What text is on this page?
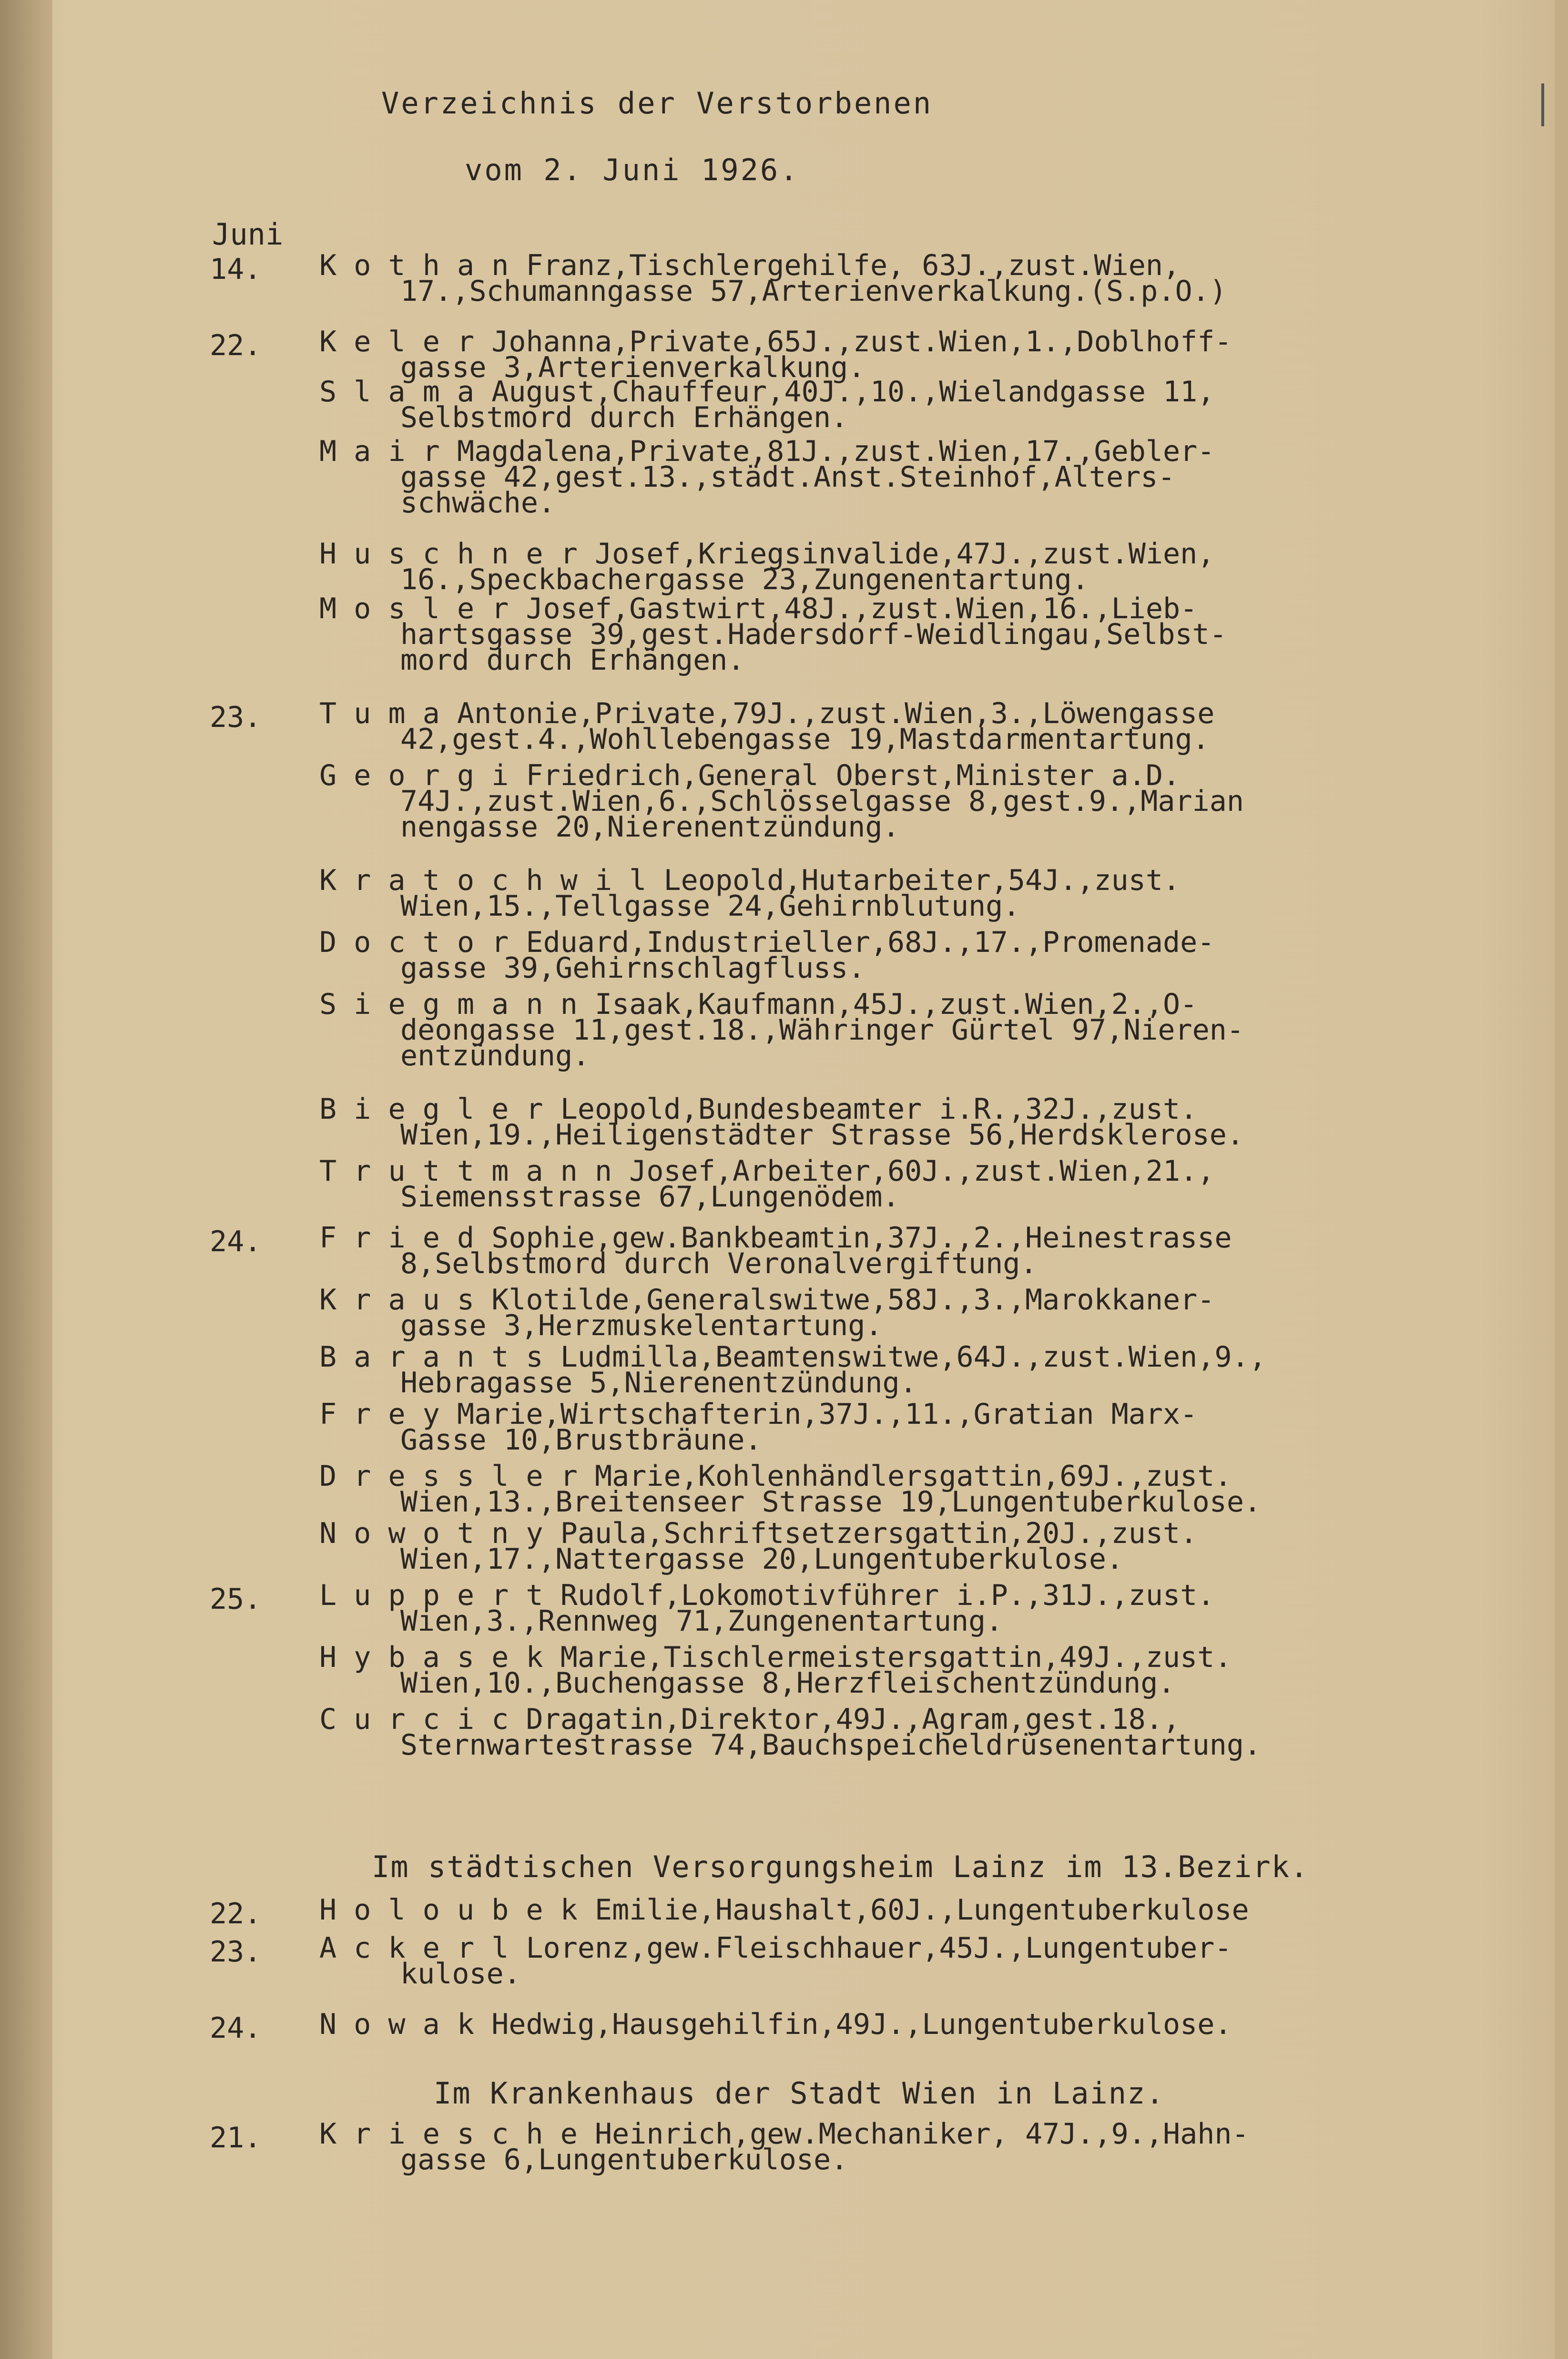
Verzeichnis der Verstorbenen
vom 2. Juni 1926.
Juni
14. K o t h a n Franz,Tischlergehilfe, 63J.,zust.Wien,
17.,Schumanngasse 57,Arterienverkalkung.(S.p.O.)
22. K e l e r Johanna,Private,65J.,zust.Wien,1.,Doblhoff-
gasse 3,Arterienverkalkung.
S l a m a August,Chauffeur,40J.,10.,Wielandgasse 11,
Selbstmord durch Erhängen.
M a i r Magdalena,Private,81J.,zust.Wien,17.,Gebler-
gasse 42,gest.13.,städt.Anst.Steinhof,Alters-
schwäche.
H u s c h n e r Josef,Kriegsinvalide,47J.,zust.Wien,
16.,Speckbachergasse 23,Zungenentartung.
M o s l e r Josef,Gastwirt,48J.,zust.Wien,16.,Lieb-
hartsgasse 39,gest.Hadersdorf-Weidlingau,Selbst-
mord durch Erhängen.
23. T u m a Antonie,Private,79J.,zust.Wien,3.,Löwengasse
42,gest.4.,Wohllebengasse 19,Mastdarmentartung.
G e o r g i Friedrich,General Oberst,Minister a.D.
74J.,zust.Wien,6.,Schlösselgasse 8,gest.9.,Marian
nengasse 20,Nierenentzündung.
K r a t o c h w i l Leopold,Hutarbeiter,54J.,zust.
Wien,15.,Tellgasse 24,Gehirnblutung.
D o c t o r Eduard,Industrieller,68J.,17.,Promenade-
gasse 39,Gehirnschlagfluss.
S i e g m a n n Isaak,Kaufmann,45J.,zust.Wien,2.,O-
deongasse 11,gest.18.,Währinger Gürtel 97,Nieren-
entzündung.
B i e g l e r Leopold,Bundesbeamter i.R.,32J.,zust.
Wien,19.,Heiligenstädter Strasse 56,Herdsklerose.
T r u t t m a n n Josef,Arbeiter,60J.,zust.Wien,21.,
Siemensstrasse 67,Lungenödem.
24. F r i e d Sophie,gew.Bankbeamtin,37J.,2.,Heinestrasse
8,Selbstmord durch Veronalvergiftung.
K r a u s Klotilde,Generalswitwe,58J.,3.,Marokkaner-
gasse 3,Herzmuskelentartung.
B a r a n t s Ludmilla,Beamtenswitwe,64J.,zust.Wien,9.,
Hebragasse 5,Nierenentzündung.
F r e y Marie,Wirtschafterin,37J.,11.,Gratian Marx-
Gasse 10,Brustbräune.
D r e s s l e r Marie,Kohlenhändlersgattin,69J.,zust.
Wien,13.,Breitenseer Strasse 19,Lungentuberkulose.
N o w o t n y Paula,Schriftsetzersgattin,20J.,zust.
Wien,17.,Nattergasse 20,Lungentuberkulose.
25. L u p p e r t Rudolf,Lokomotivführer i.P.,31J.,zust.
Wien,3.,Rennweg 71,Zungenentartung.
H y b a s e k Marie,Tischlermeistersgattin,49J.,zust.
Wien,10.,Buchengasse 8,Herzfleischentzündung.
C u r c i c Dragatin,Direktor,49J.,Agram,gest.18.,
Sternwartestrasse 74,Bauchspeicheldrüsenentartung.
Im städtischen Versorgungsheim Lainz im 13.Bezirk.
22. H o l o u b e k Emilie,Haushalt,60J.,Lungentuberkulose
23. A c k e r l Lorenz,gew.Fleischhauer,45J.,Lungentuber-
kulose.
24. N o w a k Hedwig,Hausgehilfin,49J.,Lungentuberkulose.
Im Krankenhaus der Stadt Wien in Lainz.
21. K r i e s c h e Heinrich,gew.Mechaniker, 47J.,9.,Hahn-
gasse 6,Lungentuberkulose.
